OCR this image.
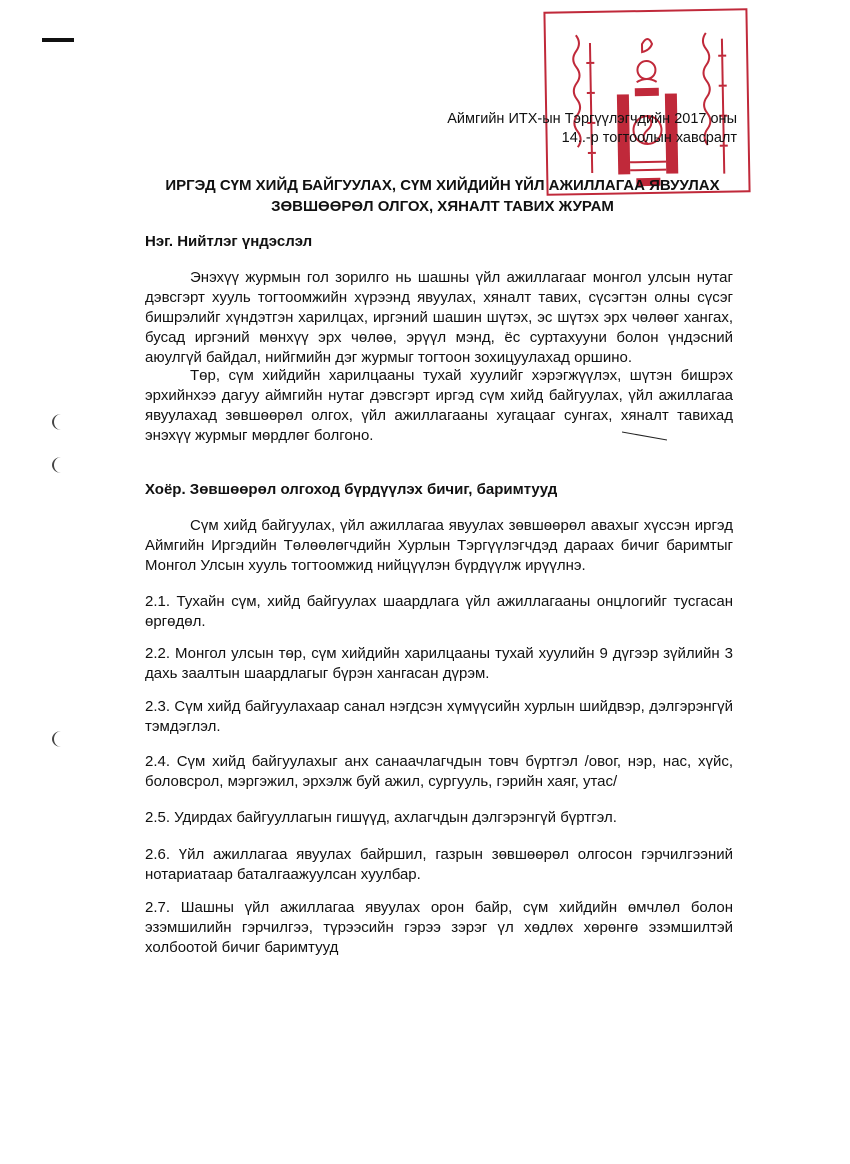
Аймгийн ИТХ-ын Тэргүүлэгчдийн 2017 оны
14..-р тогтоолын хавсралт
ИРГЭД СҮМ ХИЙД БАЙГУУЛАХ, СҮМ ХИЙДИЙН ҮЙЛ АЖИЛЛАГАА ЯВУУЛАХ
ЗӨВШӨӨРӨЛ ОЛГОХ, ХЯНАЛТ ТАВИХ ЖУРАМ
Нэг. Нийтлэг үндэслэл

Энэхүү журмын гол зорилго нь шашны үйл ажиллагааг монгол улсын нутаг дэвсгэрт хууль тогтоомжийн хүрээнд явуулах, хяналт тавих, сүсэгтэн олны сүсэг бишрэлийг хүндэтгэн харилцах, иргэний шашин шүтэх, эс шүтэх эрх чөлөөг хангах, бусад иргэний мөнхүү эрх чөлөө, эрүүл мэнд, ёс суртахууни болон үндэсний аюулгүй байдал, нийгмийн дэг журмыг тогтоон зохицуулахад оршино.

Төр, сүм хийдийн харилцааны тухай хуулийг хэрэгжүүлэх, шүтэн бишрэх эрхийнхээ дагуу аймгийн нутаг дэвсгэрт иргэд сүм хийд байгуулах, үйл ажиллагаа явуулахад зөвшөөрөл олгох, үйл ажиллагааны хугацааг сунгах, хяналт тавихад энэхүү журмыг мөрдлөг болгоно.

Хоёр. Зөвшөөрөл олгоход бүрдүүлэх бичиг, баримтууд

Сүм хийд байгуулах, үйл ажиллагаа явуулах зөвшөөрөл авахыг хүссэн иргэд Аймгийн Иргэдийн Төлөөлөгчдийн Хурлын Тэргүүлэгчдэд дараах бичиг баримтыг Монгол Улсын хууль тогтоомжид нийцүүлэн бүрдүүлж ирүүлнэ.

2.1. Тухайн сүм, хийд байгуулах шаардлага үйл ажиллагааны онцлогийг тусгасан өргөдөл.

2.2. Монгол улсын төр, сүм хийдийн харилцааны тухай хуулийн 9 дүгээр зүйлийн 3 дахь заалтын шаардлагыг бүрэн хангасан дүрэм.

2.3. Сүм хийд байгуулахаар санал нэгдсэн хүмүүсийн хурлын шийдвэр, дэлгэрэнгүй тэмдэглэл.

2.4. Сүм хийд байгуулахыг анх санаачлагчдын товч бүртгэл /овог, нэр, нас, хүйс, боловсрол, мэргэжил, эрхэлж буй ажил, сургууль, гэрийн хаяг, утас/

2.5. Удирдах байгууллагын гишүүд, ахлагчдын дэлгэрэнгүй бүртгэл.

2.6. Үйл ажиллагаа явуулах байршил, газрын зөвшөөрөл олгосон гэрчилгээний нотариатаар баталгаажуулсан хуулбар.

2.7. Шашны үйл ажиллагаа явуулах орон байр, сүм хийдийн өмчлөл болон эзэмшилийн гэрчилгээ, түрээсийн гэрээ зэрэг үл хөдлөх хөрөнгө эзэмшилтэй холбоотой бичиг баримтууд
